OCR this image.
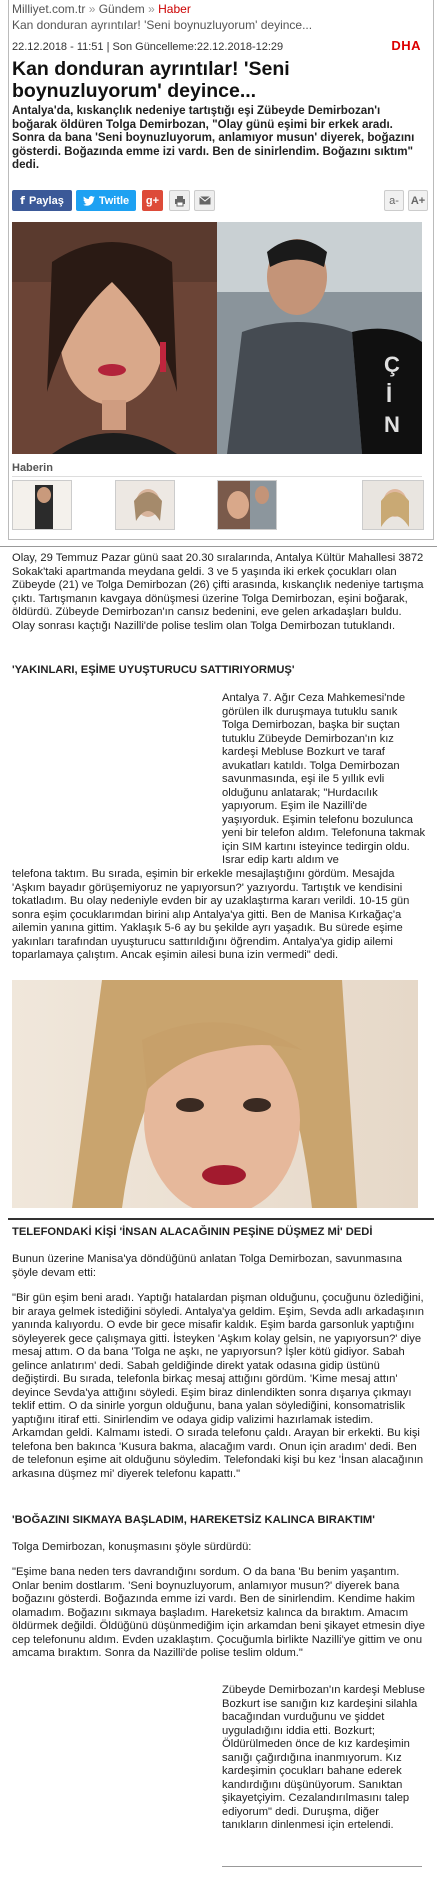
Milliyet.com.tr » Gündem » Haber
Kan donduran ayrıntılar! 'Seni boynuzluyorum' deyince...
22.12.2018 - 11:51 | Son Güncelleme:22.12.2018-12:29	DHA
Kan donduran ayrıntılar! 'Seni boynuzluyorum' deyince...

Antalya'da, kıskançlık nedeniye tartıştığı eşi Zübeyde Demirbozan'ı boğarak öldüren Tolga Demirbozan, "Olay günü eşimi bir erkek aradı. Sonra da bana 'Seni boynuzluyorum, anlamıyor musun' diyerek, boğazını gösterdi. Boğazında emme izi vardı. Ben de sinirlendim. Boğazını sıktım" dedi.

f Paylaş	Twitle	g+	a-	A+
Ç
İ
N
Haberin

Olay, 29 Temmuz Pazar günü saat 20.30 sıralarında, Antalya Kültür Mahallesi 3872 Sokak'taki apartmanda meydana geldi. 3 ve 5 yaşında iki erkek çocukları olan Zübeyde (21) ve Tolga Demirbozan (26) çifti arasında, kıskançlık nedeniye tartışma çıktı. Tartışmanın kavgaya dönüşmesi üzerine Tolga Demirbozan, eşini boğarak, öldürdü. Zübeyde Demirbozan'ın cansız bedenini, eve gelen arkadaşları buldu. Olay sonrası kaçtığı Nazilli'de polise teslim olan Tolga Demirbozan tutuklandı.

'YAKINLARI, EŞİME UYUŞTURUCU SATTIRIYORMUŞ'

Antalya 7. Ağır Ceza Mahkemesi'nde görülen ilk duruşmaya tutuklu sanık Tolga Demirbozan, başka bir suçtan tutuklu Zübeyde Demirbozan'ın kız kardeşi Mebluse Bozkurt ve taraf avukatları katıldı. Tolga Demirbozan savunmasında, eşi ile 5 yıllık evli olduğunu anlatarak; "Hurdacılık yapıyorum. Eşim ile Nazilli'de yaşıyorduk. Eşimin telefonu bozulunca yeni bir telefon aldım. Telefonuna takmak için SIM kartını isteyince tedirgin oldu. Israr edip kartı aldım ve

telefona taktım. Bu sırada, eşimin bir erkekle mesajlaştığını gördüm. Mesajda 'Aşkım bayadır görüşemiyoruz ne yapıyorsun?' yazıyordu. Tartıştık ve kendisini tokatladım. Bu olay nedeniyle evden bir ay uzaklaştırma kararı verildi. 10-15 gün sonra eşim çocuklarımdan birini alıp Antalya'ya gitti. Ben de Manisa Kırkağaç'a ailemin yanına gittim. Yaklaşık 5-6 ay bu şekilde ayrı yaşadık. Bu sürede eşime yakınları tarafından uyuşturucu sattırıldığını öğrendim. Antalya'ya gidip ailemi toparlamaya çalıştım. Ancak eşimin ailesi buna izin vermedi" dedi.

TELEFONDAKİ KİŞİ 'İNSAN ALACAĞININ PEŞİNE DÜŞMEZ Mİ' DEDİ

Bunun üzerine Manisa'ya döndüğünü anlatan Tolga Demirbozan, savunmasına şöyle devam etti:

"Bir gün eşim beni aradı. Yaptığı hatalardan pişman olduğunu, çocuğunu özlediğini, bir araya gelmek istediğini söyledi. Antalya'ya geldim. Eşim, Sevda adlı arkadaşının yanında kalıyordu. O evde bir gece misafir kaldık. Eşim barda garsonluk yaptığını söyleyerek gece çalışmaya gitti. İsteyken 'Aşkım kolay gelsin, ne yapıyorsun?' diye mesaj attım. O da bana 'Tolga ne aşkı, ne yapıyorsun? İşler kötü gidiyor. Sabah gelince anlatırım' dedi. Sabah geldiğinde direkt yatak odasına gidip üstünü değiştirdi. Bu sırada, telefonla birkaç mesaj attığını gördüm. 'Kime mesaj attın' deyince Sevda'ya attığını söyledi. Eşim biraz dinlendikten sonra dışarıya çıkmayı teklif ettim. O da sinirle yorgun olduğunu, bana yalan söylediğini, konsomatrislik yaptığını itiraf etti. Sinirlendim ve odaya gidip valizimi hazırlamak istedim. Arkamdan geldi. Kalmamı istedi. O sırada telefonu çaldı. Arayan bir erkekti. Bu kişi telefona ben bakınca 'Kusura bakma, alacağım vardı. Onun için aradım' dedi. Ben de telefonun eşime ait olduğunu söyledim. Telefondaki kişi bu kez 'İnsan alacağının arkasına düşmez mi' diyerek telefonu kapattı."

'BOĞAZINI SIKMAYA BAŞLADIM, HAREKETSİZ KALINCA BIRAKTIM'

Tolga Demirbozan, konuşmasını şöyle sürdürdü:

"Eşime bana neden ters davrandığını sordum. O da bana 'Bu benim yaşantım. Onlar benim dostlarım. 'Seni boynuzluyorum, anlamıyor musun?' diyerek bana boğazını gösterdi. Boğazında emme izi vardı. Ben de sinirlendim. Kendime hakim olamadım. Boğazını sıkmaya başladım. Hareketsiz kalınca da bıraktım. Amacım öldürmek değildi. Öldüğünü düşünmediğim için arkamdan beni şikayet etmesin diye cep telefonunu aldım. Evden uzaklaştım. Çocuğumla birlikte Nazilli'ye gittim ve onu amcama bıraktım. Sonra da Nazilli'de polise teslim oldum."

Zübeyde Demirbozan'ın kardeşi Mebluse Bozkurt ise sanığın kız kardeşini silahla bacağından vurduğunu ve şiddet uyguladığını iddia etti. Bozkurt; Öldürülmeden önce de kız kardeşimin sanığı çağırdığına inanmıyorum. Kız kardeşimin çocukları bahane ederek kandırdığını düşünüyorum. Sanıktan şikayetçiyim. Cezalandırılmasını talep ediyorum" dedi. Duruşma, diğer tanıkların dinlenmesi için ertelendi.
